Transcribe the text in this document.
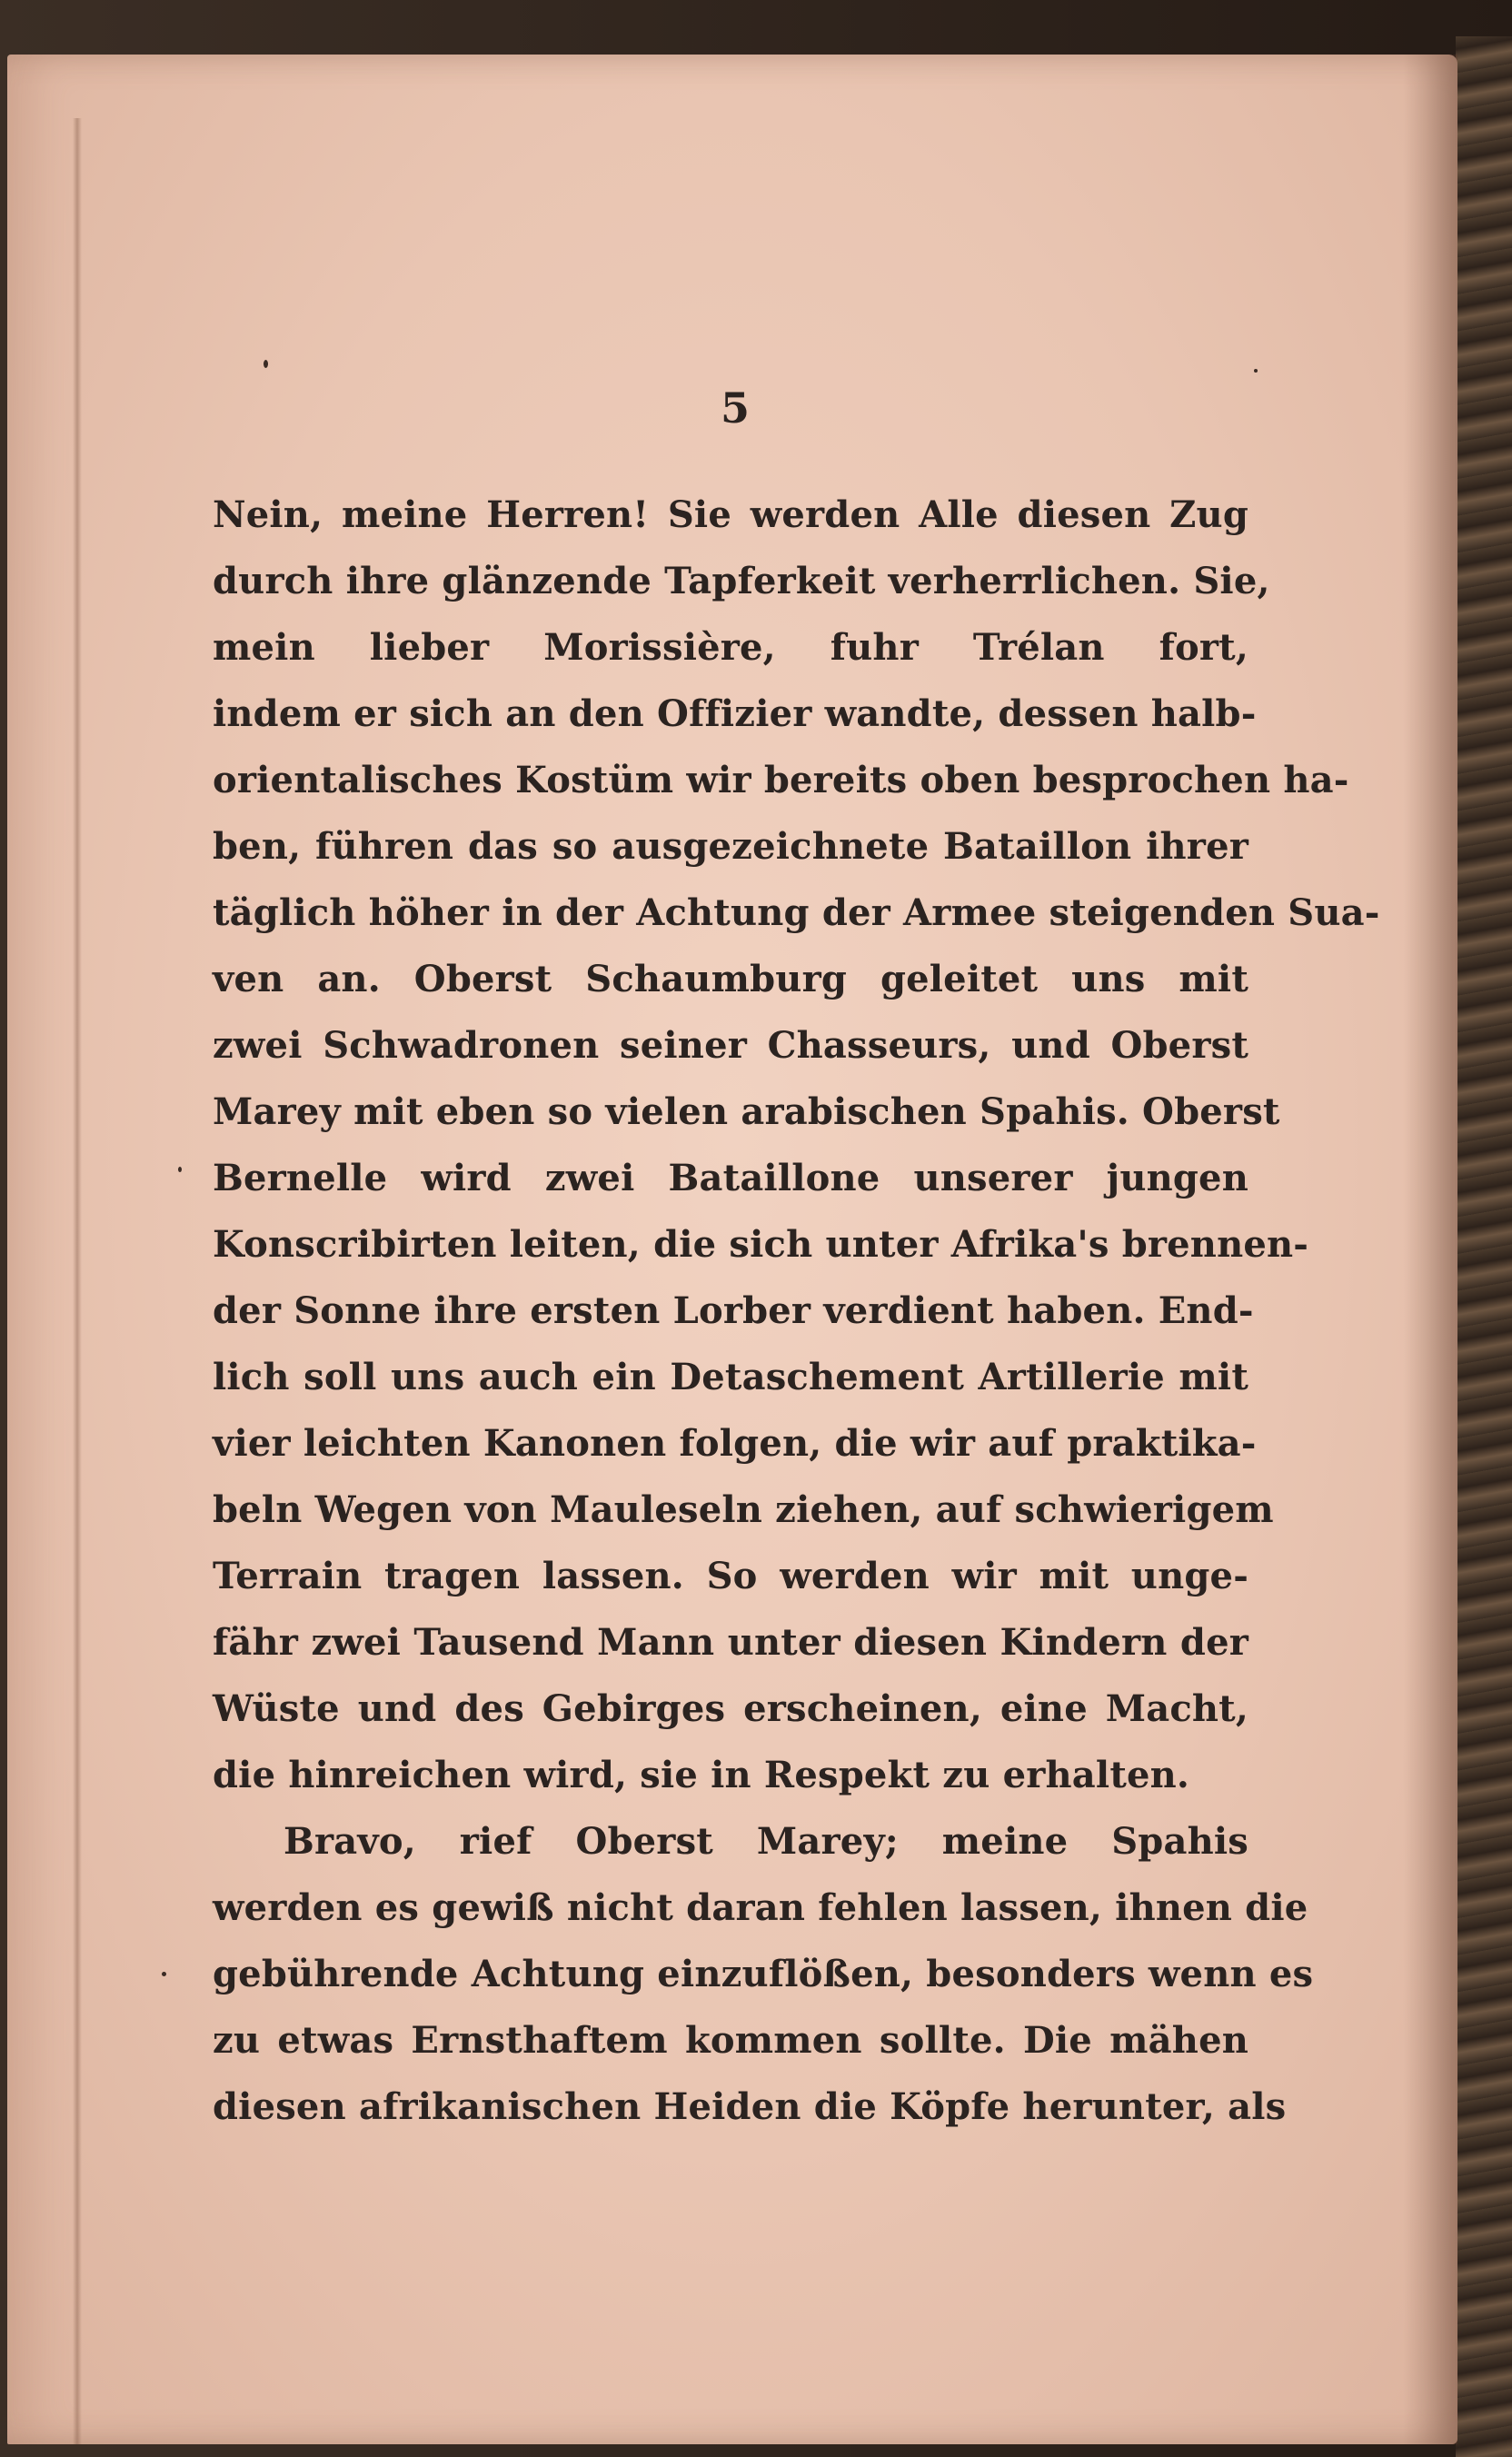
5
Nein, meine Herren! Sie werden Alle diesen Zug
durch ihre glänzende Tapferkeit verherrlichen. Sie,
mein lieber Morissière, fuhr Trélan fort,
indem er sich an den Offizier wandte, dessen halb-
orientalisches Kostüm wir bereits oben besprochen ha-
ben, führen das so ausgezeichnete Bataillon ihrer
täglich höher in der Achtung der Armee steigenden Sua-
ven an. Oberst Schaumburg geleitet uns mit
zwei Schwadronen seiner Chasseurs, und Oberst
Marey mit eben so vielen arabischen Spahis. Oberst
Bernelle wird zwei Bataillone unserer jungen
Konscribirten leiten, die sich unter Afrika's brennen-
der Sonne ihre ersten Lorber verdient haben. End-
lich soll uns auch ein Detaschement Artillerie mit
vier leichten Kanonen folgen, die wir auf praktika-
beln Wegen von Mauleseln ziehen, auf schwierigem
Terrain tragen lassen. So werden wir mit unge-
fähr zwei Tausend Mann unter diesen Kindern der
Wüste und des Gebirges erscheinen, eine Macht,
die hinreichen wird, sie in Respekt zu erhalten.
Bravo, rief Oberst Marey; meine Spahis
werden es gewiß nicht daran fehlen lassen, ihnen die
gebührende Achtung einzuflößen, besonders wenn es
zu etwas Ernsthaftem kommen sollte. Die mähen
diesen afrikanischen Heiden die Köpfe herunter, als
